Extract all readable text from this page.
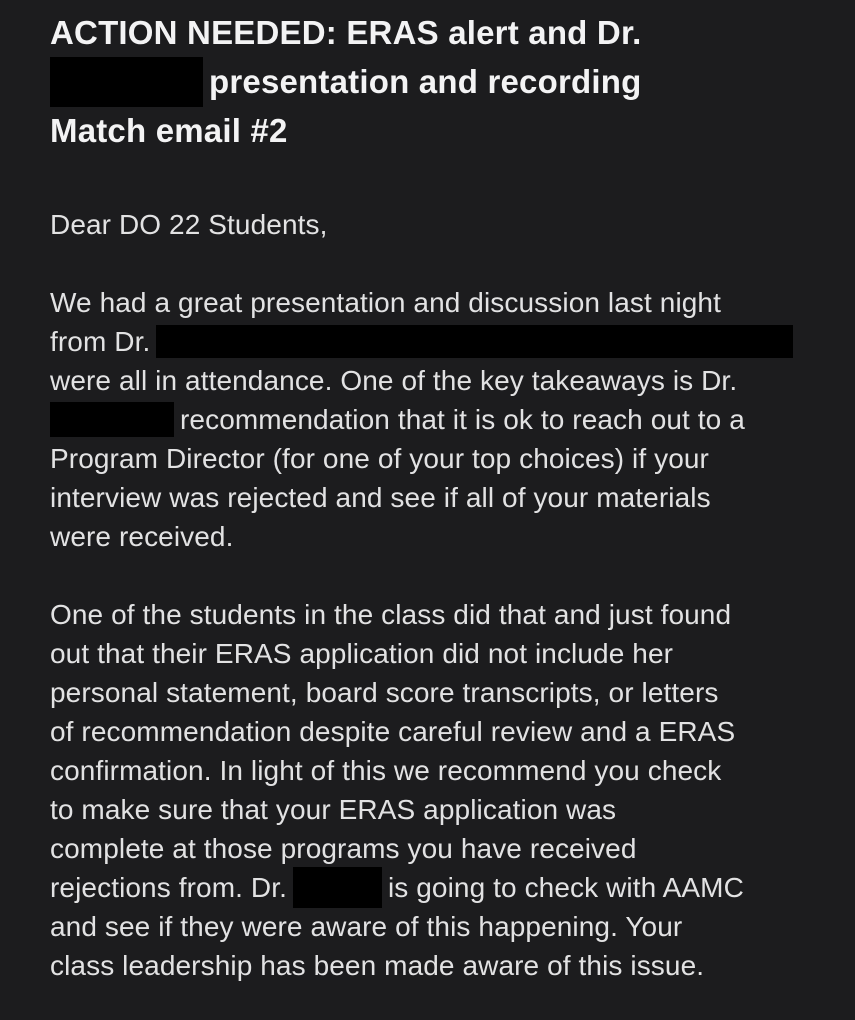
ACTION NEEDED: ERAS alert and Dr.
presentation and recording
Match email #2
Dear DO 22 Students,
We had a great presentation and discussion last night
from Dr.
were all in attendance. One of the key takeaways is Dr.
recommendation that it is ok to reach out to a
Program Director (for one of your top choices) if your
interview was rejected and see if all of your materials
were received.
One of the students in the class did that and just found
out that their ERAS application did not include her
personal statement, board score transcripts, or letters
of recommendation despite careful review and a ERAS
confirmation. In light of this we recommend you check
to make sure that your ERAS application was
complete at those programs you have received
rejections from. Dr.	is going to check with AAMC
and see if they were aware of this happening. Your
class leadership has been made aware of this issue.
